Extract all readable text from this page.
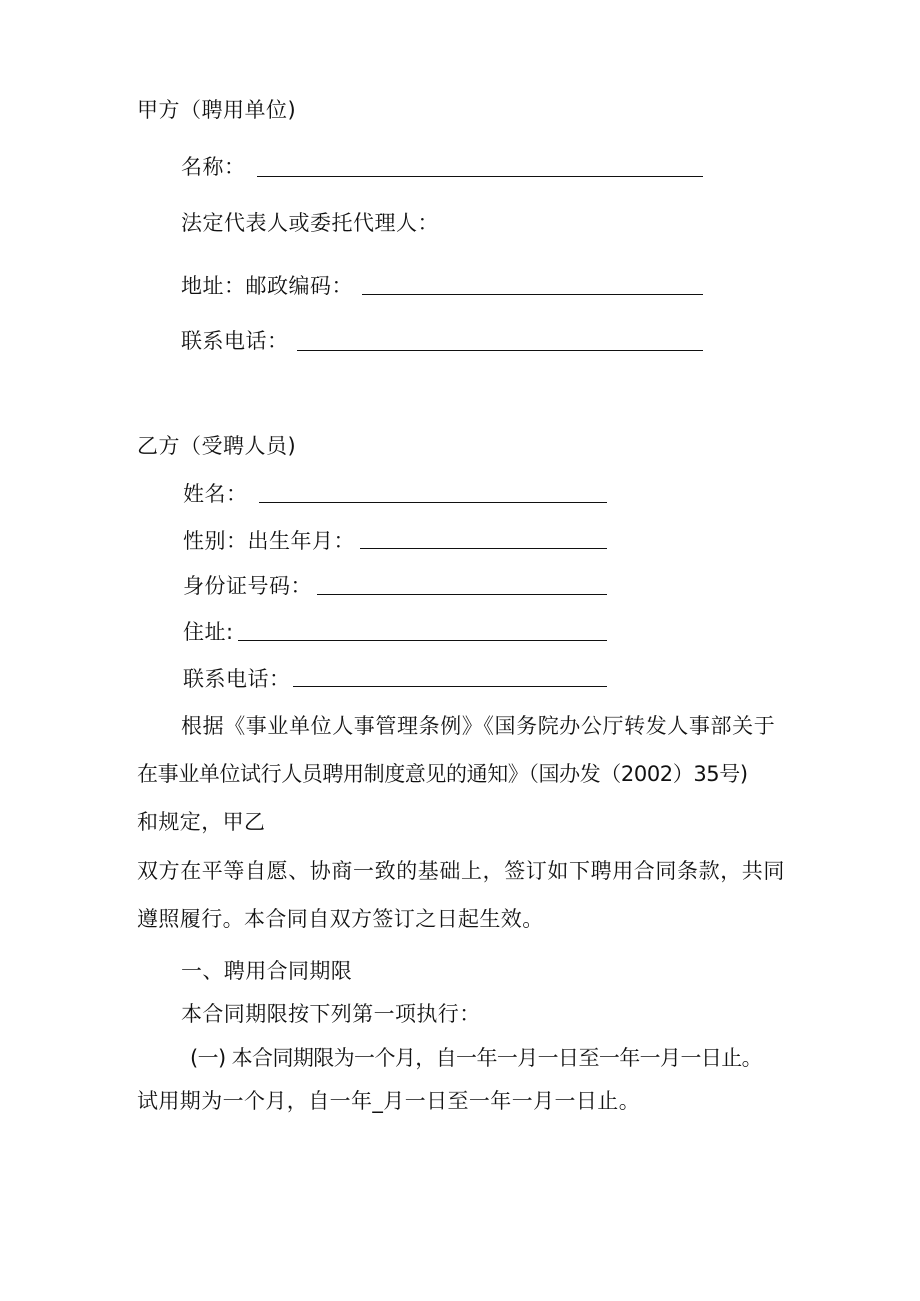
甲方（聘用单位)
名称：
法定代表人或委托代理人：
地址：邮政编码：
联系电话：
乙方（受聘人员)
姓名：
性别：出生年月：
身份证号码：
住址:
联系电话：
根据《事业单位人事管理条例》《国务院办公厅转发人事部关于
在事业单位试行人员聘用制度意见的通知》（国办发（2002）35号)
和规定，甲乙
双方在平等自愿、协商一致的基础上，签订如下聘用合同条款，共同
遵照履行。本合同自双方签订之日起生效。
一、聘用合同期限
本合同期限按下列第一项执行：
(一) 本合同期限为一个月，自一年一月一日至一年一月一日止。
试用期为一个月，自一年_月一日至一年一月一日止。
